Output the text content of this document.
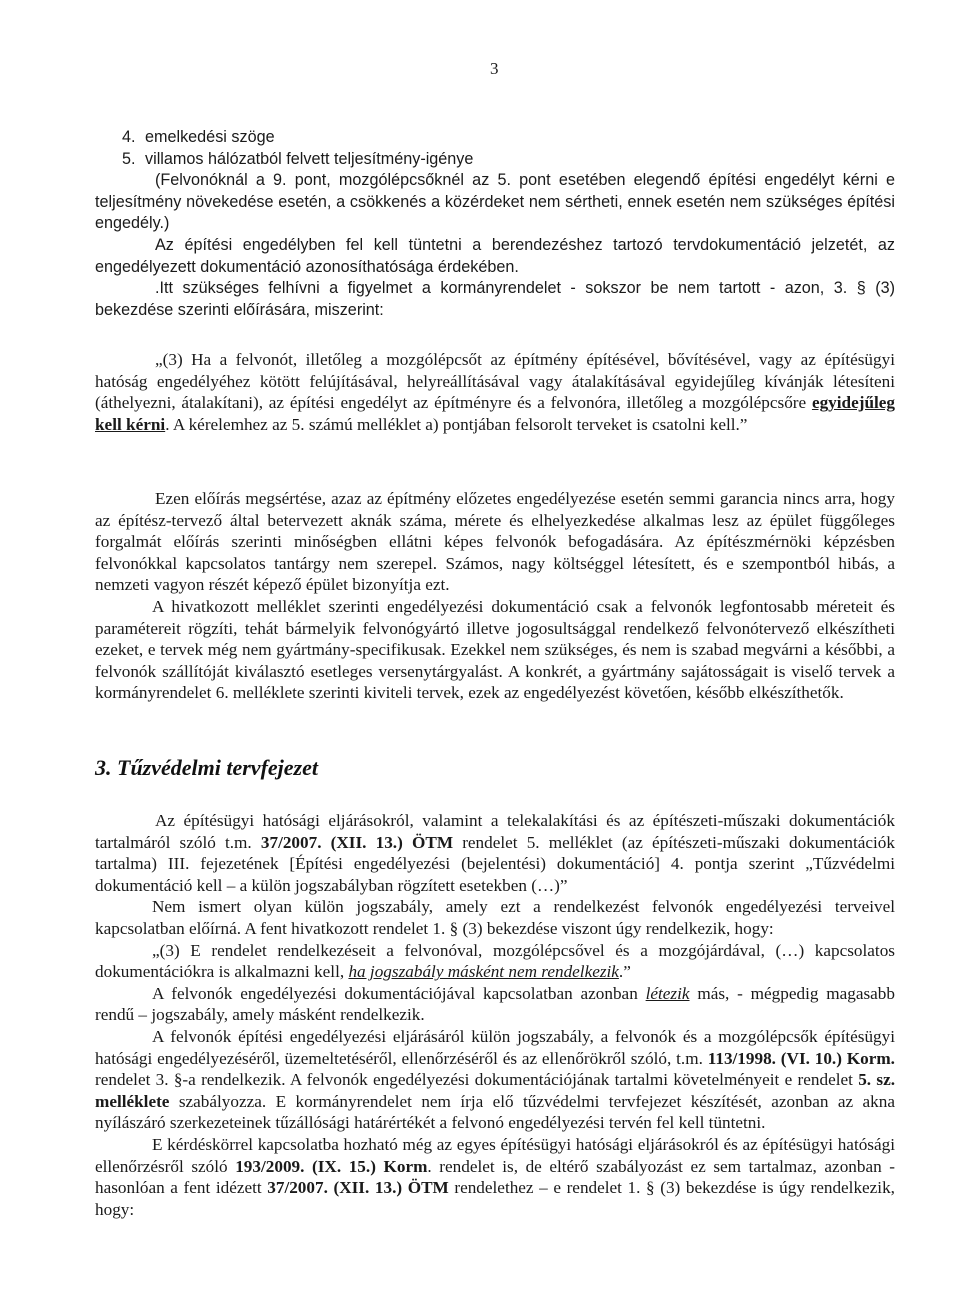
3
4. emelkedési szöge
5. villamos hálózatból felvett teljesítmény-igénye

(Felvonóknál a 9. pont, mozgólépcsőknél az 5. pont esetében elegendő építési engedélyt kérni e teljesítmény növekedése esetén, a csökkenés a közérdeket nem sértheti, ennek esetén nem szükséges építési engedély.)

Az építési engedélyben fel kell tüntetni a berendezéshez tartozó tervdokumentáció jelzetét, az engedélyezett dokumentáció azonosíthatósága érdekében.

.Itt szükséges felhívni a figyelmet a kormányrendelet - sokszor be nem tartott - azon, 3. § (3) bekezdése szerinti előírására, miszerint:

„(3) Ha a felvonót, illetőleg a mozgólépcsőt az építmény építésével, bővítésével, vagy az építésügyi hatóság engedélyéhez kötött felújításával, helyreállításával vagy átalakításával egyidejűleg kívánják létesíteni (áthelyezni, átalakítani), az építési engedélyt az építményre és a felvonóra, illetőleg a mozgólépcsőre egyidejűleg kell kérni. A kérelemhez az 5. számú melléklet a) pontjában felsorolt terveket is csatolni kell.”

Ezen előírás megsértése, azaz az építmény előzetes engedélyezése esetén semmi garancia nincs arra, hogy az építész-tervező által betervezett aknák száma, mérete és elhelyezkedése alkalmas lesz az épület függőleges forgalmát előírás szerinti minőségben ellátni képes felvonók befogadására. Az építészmérnöki képzésben felvonókkal kapcsolatos tantárgy nem szerepel. Számos, nagy költséggel létesített, és e szempontból hibás, a nemzeti vagyon részét képező épület bizonyítja ezt.

A hivatkozott melléklet szerinti engedélyezési dokumentáció csak a felvonók legfontosabb méreteit és paramétereit rögzíti, tehát bármelyik felvonógyártó illetve jogosultsággal rendelkező felvonótervező elkészítheti ezeket, e tervek még nem gyártmány-specifikusak. Ezekkel nem szükséges, és nem is szabad megvárni a későbbi, a felvonók szállítóját kiválasztó esetleges versenytárgyalást. A konkrét, a gyártmány sajátosságait is viselő tervek a kormányrendelet 6. melléklete szerinti kiviteli tervek, ezek az engedélyezést követően, később elkészíthetők.

3. Tűzvédelmi tervfejezet

Az építésügyi hatósági eljárásokról, valamint a telekalakítási és az építészeti-műszaki dokumentációk tartalmáról szóló t.m. 37/2007. (XII. 13.) ÖTM rendelet 5. melléklet (az építészeti-műszaki dokumentációk tartalma) III. fejezetének [Építési engedélyezési (bejelentési) dokumentáció] 4. pontja szerint „Tűzvédelmi dokumentáció kell – a külön jogszabályban rögzített esetekben (…)”

Nem ismert olyan külön jogszabály, amely ezt a rendelkezést felvonók engedélyezési terveivel kapcsolatban előírná. A fent hivatkozott rendelet 1. § (3) bekezdése viszont úgy rendelkezik, hogy:

„(3) E rendelet rendelkezéseit a felvonóval, mozgólépcsővel és a mozgójárdával, (…) kapcsolatos dokumentációkra is alkalmazni kell, ha jogszabály másként nem rendelkezik.”

A felvonók engedélyezési dokumentációjával kapcsolatban azonban létezik más, - mégpedig magasabb rendű – jogszabály, amely másként rendelkezik.

A felvonók építési engedélyezési eljárásáról külön jogszabály, a felvonók és a mozgólépcsők építésügyi hatósági engedélyezéséről, üzemeltetéséről, ellenőrzéséről és az ellenőrökről szóló, t.m. 113/1998. (VI. 10.) Korm. rendelet 3. §-a rendelkezik. A felvonók engedélyezési dokumentációjának tartalmi követelményeit e rendelet 5. sz. melléklete szabályozza. E kormányrendelet nem írja elő tűzvédelmi tervfejezet készítését, azonban az akna nyílászáró szerkezeteinek tűzállósági határértékét a felvonó engedélyezési tervén fel kell tüntetni.

E kérdéskörrel kapcsolatba hozható még az egyes építésügyi hatósági eljárásokról és az építésügyi hatósági ellenőrzésről szóló 193/2009. (IX. 15.) Korm. rendelet is, de eltérő szabályozást ez sem tartalmaz, azonban - hasonlóan a fent idézett 37/2007. (XII. 13.) ÖTM rendelethez – e rendelet 1. § (3) bekezdése is úgy rendelkezik, hogy:
